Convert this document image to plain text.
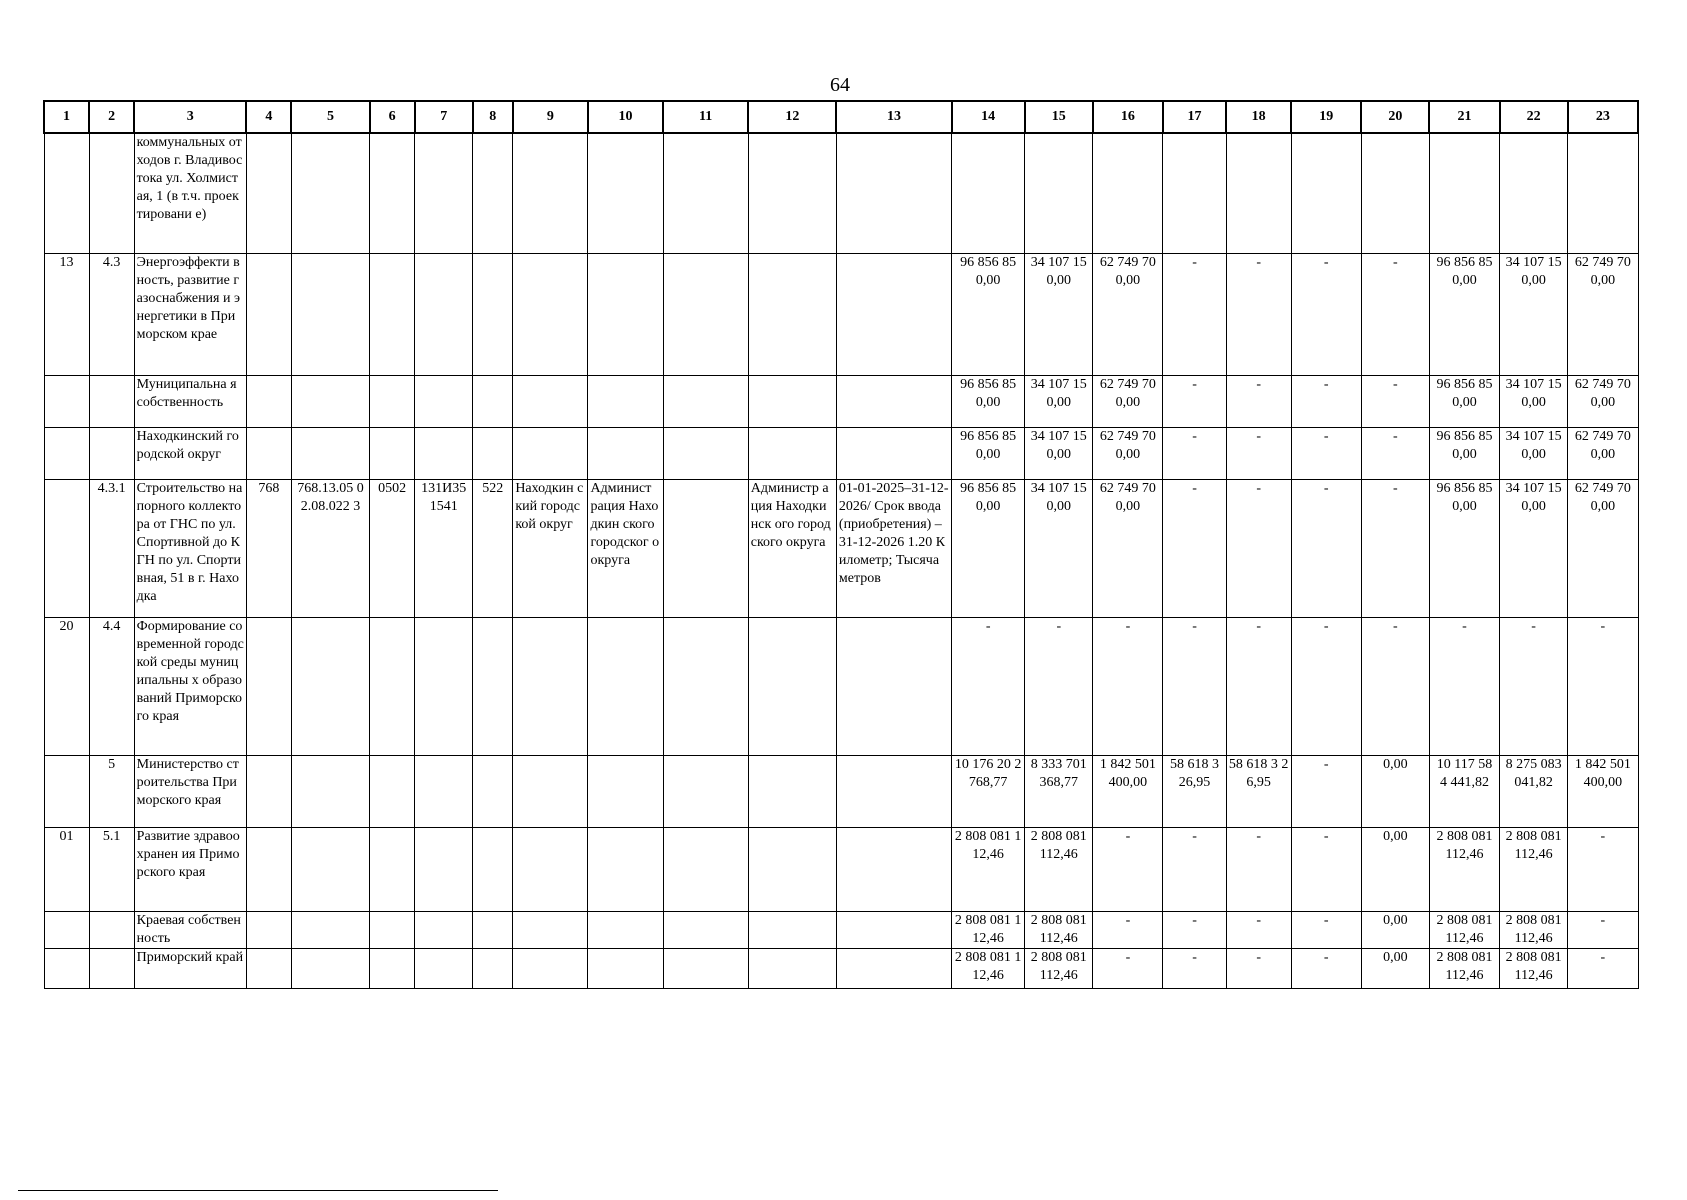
64
1	2	3	4	5	6	7	8	9	10	11	12	13	14	15	16	17	18	19	20	21	22	23
		коммунальных отходов г. Владивостока ул. Холмистая, 1 (в т.ч. проектировани е)																				
13	4.3	Энергоэффекти вность, развитие газоснабжения и энергетики в Приморском крае											96 856 85 0,00	34 107 15 0,00	62 749 70 0,00	-	-	-	-	96 856 85 0,00	34 107 15 0,00	62 749 70 0,00
		Муниципальна я собственность											96 856 85 0,00	34 107 15 0,00	62 749 70 0,00	-	-	-	-	96 856 85 0,00	34 107 15 0,00	62 749 70 0,00
		Находкинский городской округ											96 856 85 0,00	34 107 15 0,00	62 749 70 0,00	-	-	-	-	96 856 85 0,00	34 107 15 0,00	62 749 70 0,00
	4.3.1	Строительство напорного коллектора от ГНС по ул. Спортивной до КГН по ул. Спортивная, 51 в г. Находка	768	768.13.05 02.08.022 3	0502	131И35 1541	522	Находкин ский городской округ	Админист рация Находкин ского городског о округа		Администр ация Находкинск ого городского округа	01-01-2025–31-12-2026/ Срок ввода (приобретения) – 31-12-2026 1.20 Километр; Тысяча метров	96 856 85 0,00	34 107 15 0,00	62 749 70 0,00	-	-	-	-	96 856 85 0,00	34 107 15 0,00	62 749 70 0,00
20	4.4	Формирование современной городской среды муниципальны х образований Приморского края											-	-	-	-	-	-	-	-	-	-
	5	Министерство строительства Приморского края											10 176 20 2 768,77	8 333 701 368,77	1 842 501 400,00	58 618 3 26,95	58 618 3 26,95	-	0,00	10 117 58 4 441,82	8 275 083 041,82	1 842 501 400,00
01	5.1	Развитие здравоохранен ия Приморского края											2 808 081 112,46	2 808 081 112,46	-	-	-	-	0,00	2 808 081 112,46	2 808 081 112,46	-
		Краевая собственность											2 808 081 112,46	2 808 081 112,46	-	-	-	-	0,00	2 808 081 112,46	2 808 081 112,46	-
		Приморский край											2 808 081 112,46	2 808 081 112,46	-	-	-	-	0,00	2 808 081 112,46	2 808 081 112,46	-
